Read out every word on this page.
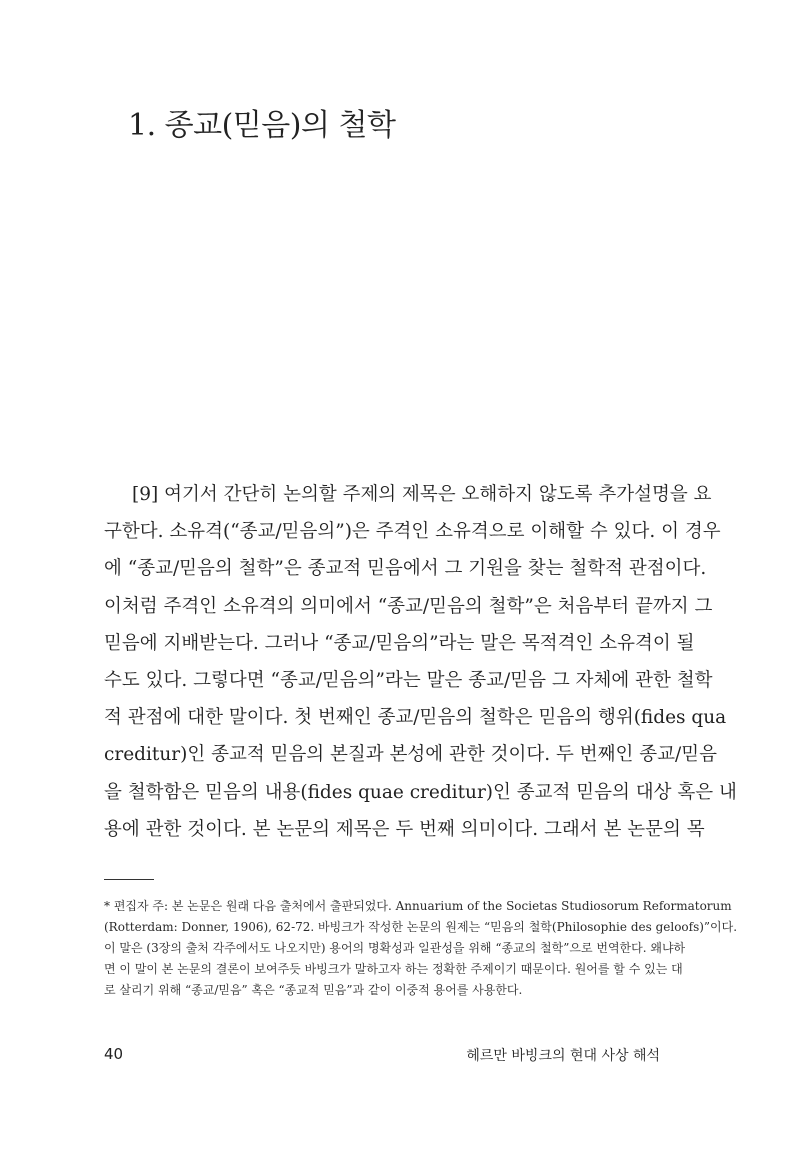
1. 종교(믿음)의 철학
[9] 여기서 간단히 논의할 주제의 제목은 오해하지 않도록 추가설명을 요
구한다. 소유격(“종교/믿음의”)은 주격인 소유격으로 이해할 수 있다. 이 경우
에 “종교/믿음의 철학”은 종교적 믿음에서 그 기원을 찾는 철학적 관점이다.
이처럼 주격인 소유격의 의미에서 “종교/믿음의 철학”은 처음부터 끝까지 그
믿음에 지배받는다. 그러나 “종교/믿음의”라는 말은 목적격인 소유격이 될
수도 있다. 그렇다면 “종교/믿음의”라는 말은 종교/믿음 그 자체에 관한 철학
적 관점에 대한 말이다. 첫 번째인 종교/믿음의 철학은 믿음의 행위(fides qua
creditur)인 종교적 믿음의 본질과 본성에 관한 것이다. 두 번째인 종교/믿음
을 철학함은 믿음의 내용(fides quae creditur)인 종교적 믿음의 대상 혹은 내
용에 관한 것이다. 본 논문의 제목은 두 번째 의미이다. 그래서 본 논문의 목
* 편집자 주: 본 논문은 원래 다음 출처에서 출판되었다. Annuarium of the Societas Studiosorum Reformatorum
(Rotterdam: Donner, 1906), 62-72. 바빙크가 작성한 논문의 원제는 “믿음의 철학(Philosophie des geloofs)”이다.
이 말은 (3장의 출처 각주에서도 나오지만) 용어의 명확성과 일관성을 위해 “종교의 철학”으로 번역한다. 왜냐하
면 이 말이 본 논문의 결론이 보여주듯 바빙크가 말하고자 하는 정확한 주제이기 때문이다. 원어를 할 수 있는 대
로 살리기 위해 “종교/믿음” 혹은 “종교적 믿음”과 같이 이중적 용어를 사용한다.
40	헤르만 바빙크의 현대 사상 해석
